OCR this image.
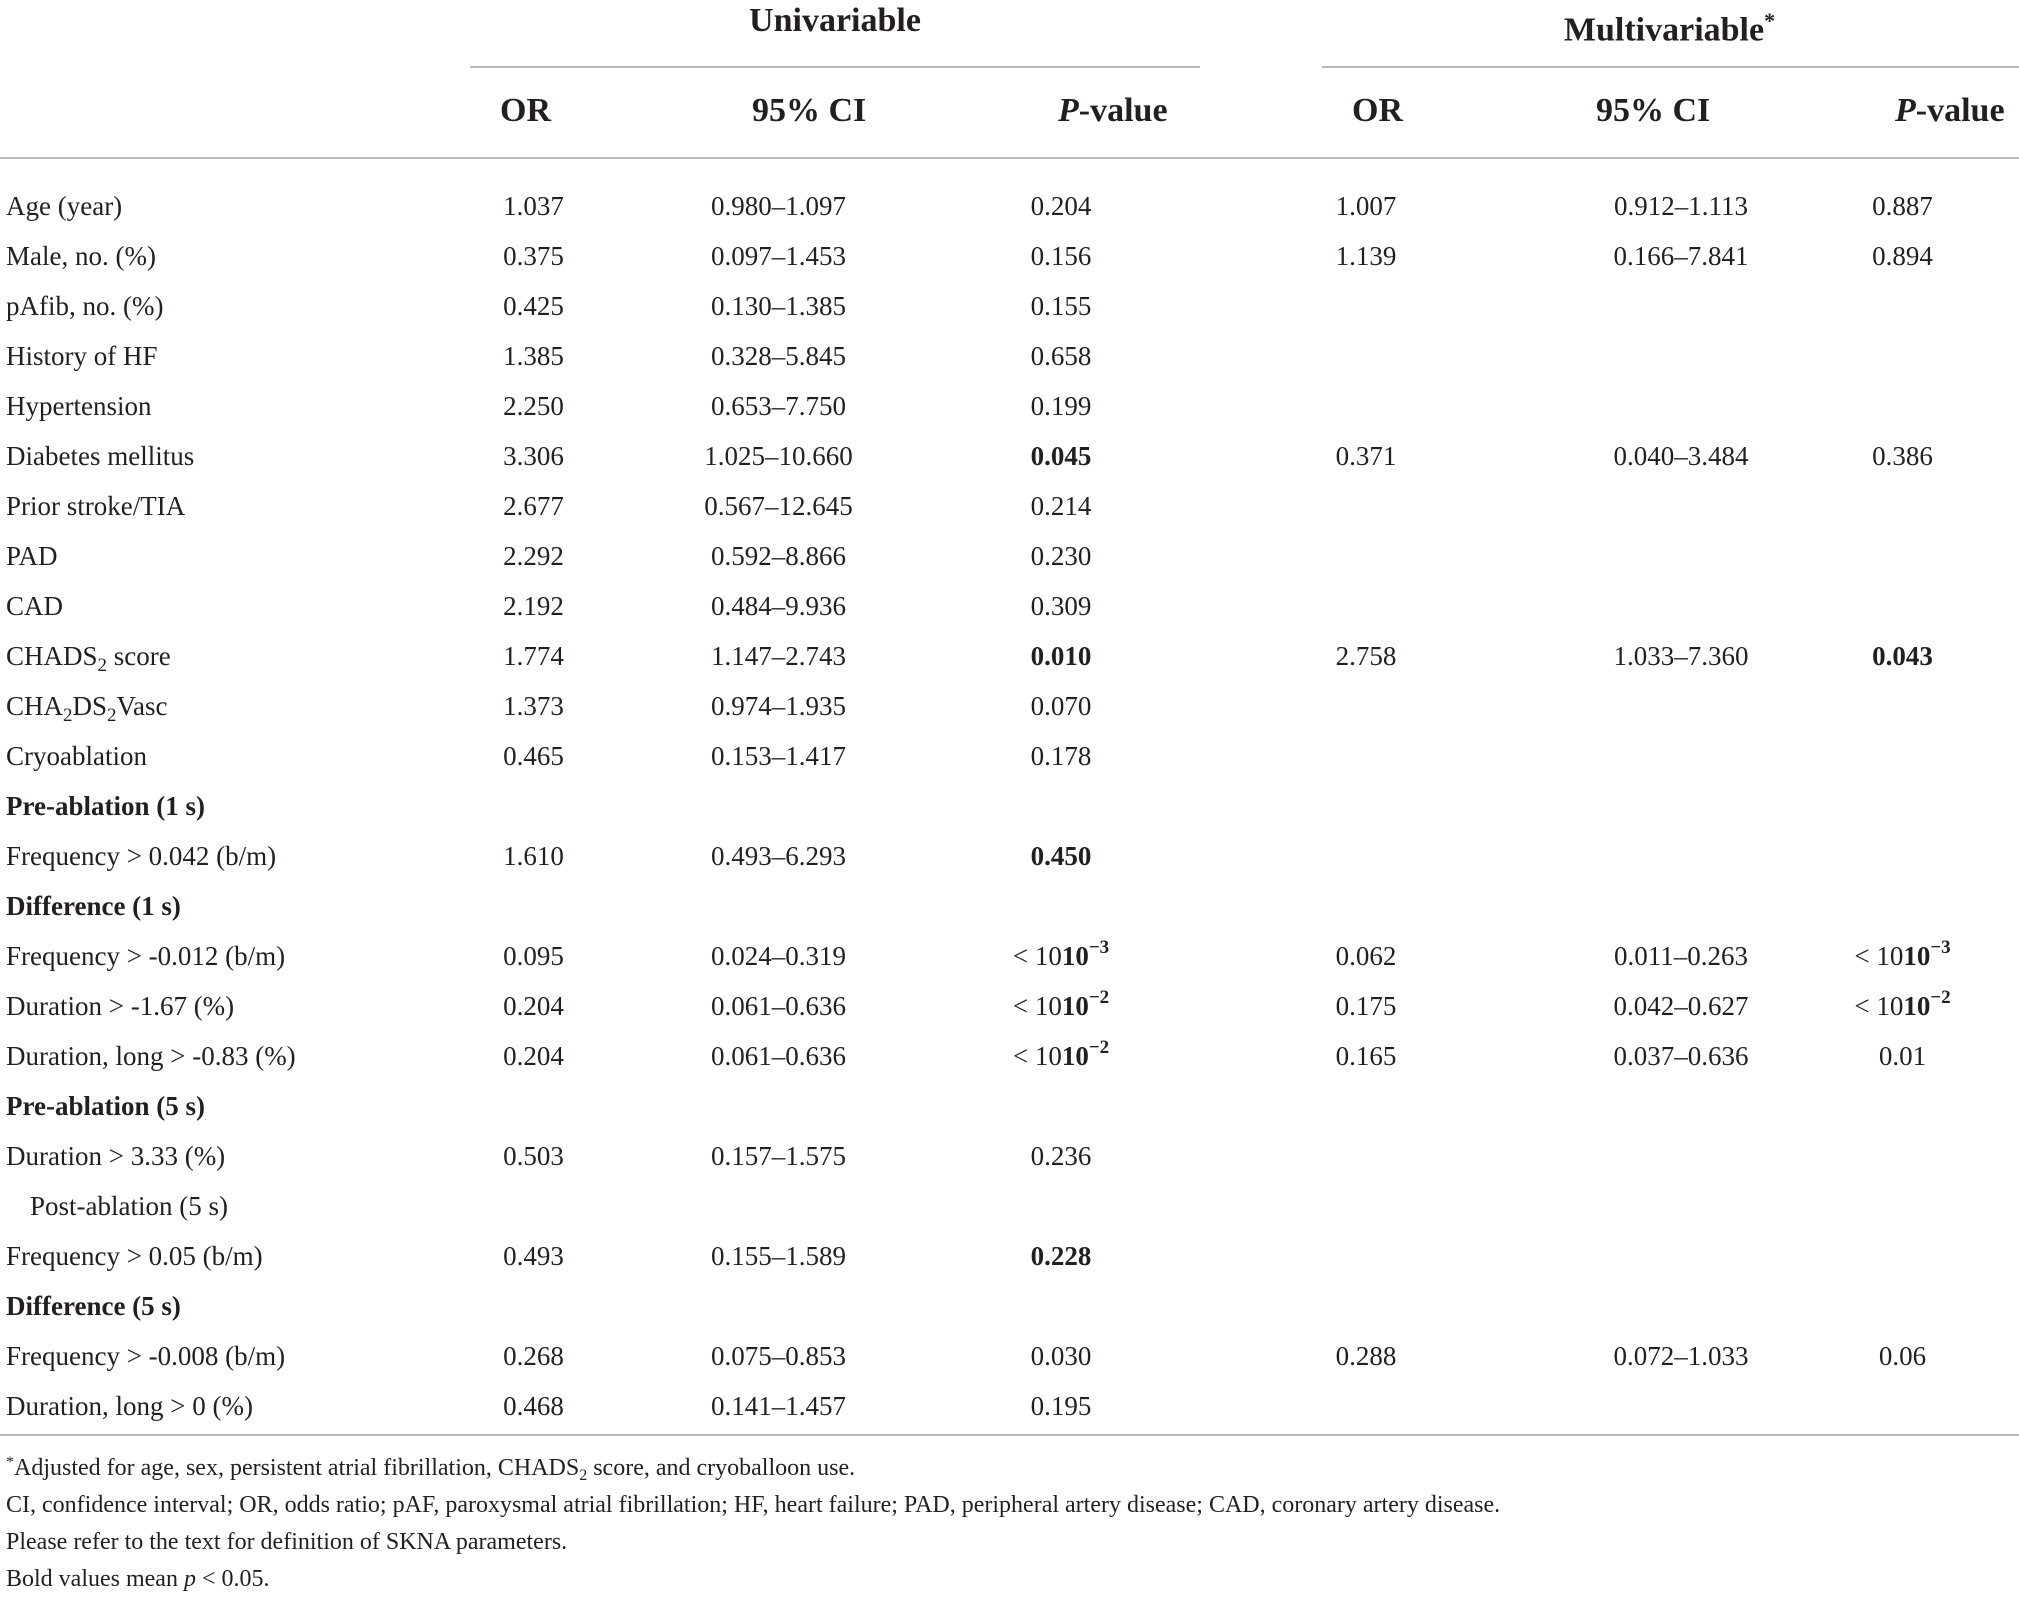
Univariable	Multivariable*
OR	95% CI	P-value	OR	95% CI	P-value
Age (year)	1.037	0.980–1.097	0.204	1.007	0.912–1.113	0.887
Male, no. (%)	0.375	0.097–1.453	0.156	1.139	0.166–7.841	0.894
pAfib, no. (%)	0.425	0.130–1.385	0.155			
History of HF	1.385	0.328–5.845	0.658			
Hypertension	2.250	0.653–7.750	0.199			
Diabetes mellitus	3.306	1.025–10.660	0.045	0.371	0.040–3.484	0.386
Prior stroke/TIA	2.677	0.567–12.645	0.214			
PAD	2.292	0.592–8.866	0.230			
CAD	2.192	0.484–9.936	0.309			
$CHADS_2$ score	1.774	1.147–2.743	0.010	2.758	1.033–7.360	0.043
$CHA_2DS_2Vasc$	1.373	0.974–1.935	0.070			
Cryoablation	0.465	0.153–1.417	0.178			
Pre-ablation (1 s)						
Frequency > 0.042 (b/m)	1.610	0.493–6.293	0.450			
Difference (1 s)						
Frequency > -0.012 (b/m)	0.095	0.024–0.319	< $1010^{-3}$	0.062	0.011–0.263	< $1010^{-3}$
Duration > -1.67 (%)	0.204	0.061–0.636	< $1010^{-2}$	0.175	0.042–0.627	< $1010^{-2}$
Duration, long > -0.83 (%)	0.204	0.061–0.636	< $1010^{-2}$	0.165	0.037–0.636	0.01
Pre-ablation (5 s)						
Duration > 3.33 (%)	0.503	0.157–1.575	0.236			
Post-ablation (5 s)						
Frequency > 0.05 (b/m)	0.493	0.155–1.589	0.228			
Difference (5 s)						
Frequency > -0.008 (b/m)	0.268	0.075–0.853	0.030	0.288	0.072–1.033	0.06
Duration, long > 0 (%)	0.468	0.141–1.457	0.195			
*Adjusted for age, sex, persistent atrial fibrillation, $CHADS_2$ score, and cryoballoon use.
CI, confidence interval; OR, odds ratio; pAF, paroxysmal atrial fibrillation; HF, heart failure; PAD, peripheral artery disease; CAD, coronary artery disease.
Please refer to the text for definition of SKNA parameters.
Bold values mean p < 0.05.
